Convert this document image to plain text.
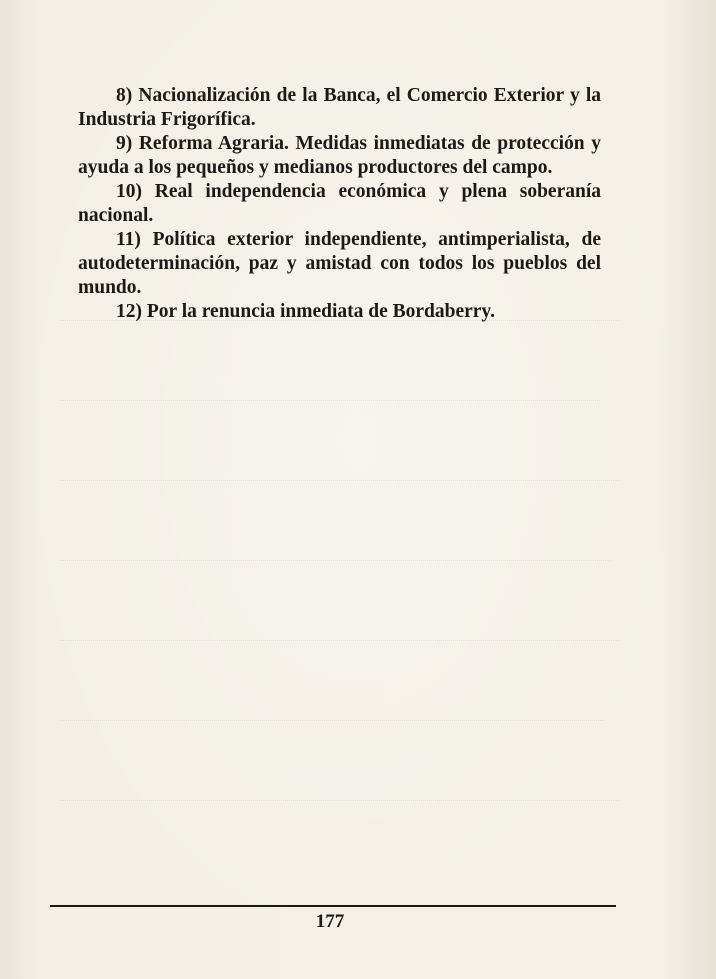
8) Nacionalización de la Banca, el Comercio Exterior y la Industria Frigorífica.

9) Reforma Agraria. Medidas inmediatas de protección y ayuda a los pequeños y medianos productores del campo.

10) Real independencia económica y plena soberanía nacional.

11) Política exterior independiente, antimperialista, de autodeterminación, paz y amistad con todos los pueblos del mundo.

12) Por la renuncia inmediata de Bordaberry.

177
